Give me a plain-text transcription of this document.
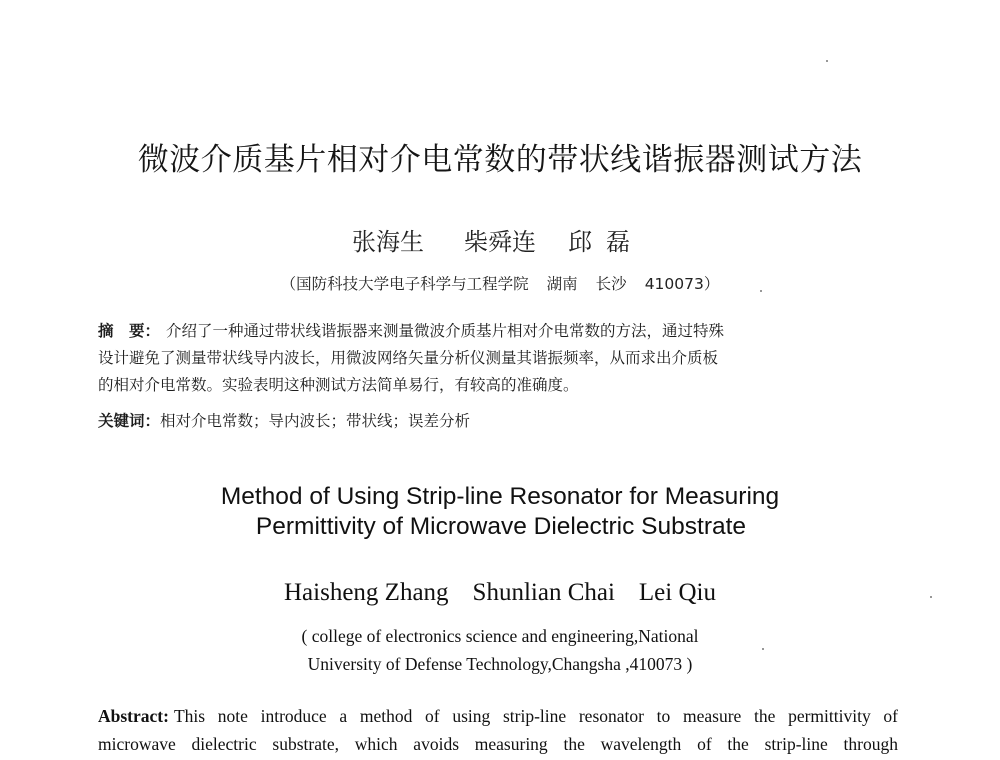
微波介质基片相对介电常数的带状线谐振器测试方法
张海生 柴舜连 邱磊
（国防科技大学电子科学与工程学院 湖南 长沙 410073）
摘　要： 介绍了一种通过带状线谐振器来测量微波介质基片相对介电常数的方法，通过特殊
设计避免了测量带状线导内波长，用微波网络矢量分析仪测量其谐振频率，从而求出介质板
的相对介电常数。实验表明这种测试方法简单易行，有较高的准确度。
关键词：相对介电常数；导内波长；带状线；误差分析
Method of Using Strip-line Resonator for Measuring
Permittivity of Microwave Dielectric Substrate
Haisheng Zhang Shunlian Chai Lei Qiu
( college of electronics science and engineering,National
University of Defense Technology,Changsha ,410073 )
Abstract: This note introduce a method of using strip-line resonator to measure the permittivity of
microwave dielectric substrate, which avoids measuring the wavelength of the strip-line through
